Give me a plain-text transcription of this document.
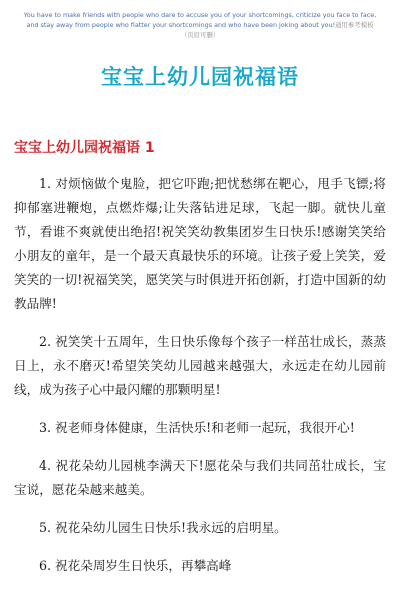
You have to make friends with people who dare to accuse you of your shortcomings, criticize you face to face,
and stay away from people who flatter your shortcomings and who have been joking about you!通用参考模板
（页眉可删）
宝宝上幼儿园祝福语
宝宝上幼儿园祝福语 1

1. 对烦恼做个鬼脸，把它吓跑;把忧愁绑在靶心，甩手飞镖;将抑郁塞进鞭炮，点燃炸爆;让失落钻进足球，飞起一脚。就快儿童节，看谁不爽就使出绝招!祝笑笑幼教集团岁生日快乐!感谢笑笑给小朋友的童年，是一个最天真最快乐的环境。让孩子爱上笑笑，爱笑笑的一切!祝福笑笑，愿笑笑与时俱进开拓创新，打造中国新的幼教品牌!

2. 祝笑笑十五周年，生日快乐像每个孩子一样茁壮成长，蒸蒸日上，永不磨灭!希望笑笑幼儿园越来越强大，永远走在幼儿园前线，成为孩子心中最闪耀的那颗明星!

3. 祝老师身体健康，生活快乐!和老师一起玩，我很开心!

4. 祝花朵幼儿园桃李满天下!愿花朵与我们共同茁壮成长，宝宝说，愿花朵越来越美。

5. 祝花朵幼儿园生日快乐!我永远的启明星。

6. 祝花朵周岁生日快乐，再攀高峰
